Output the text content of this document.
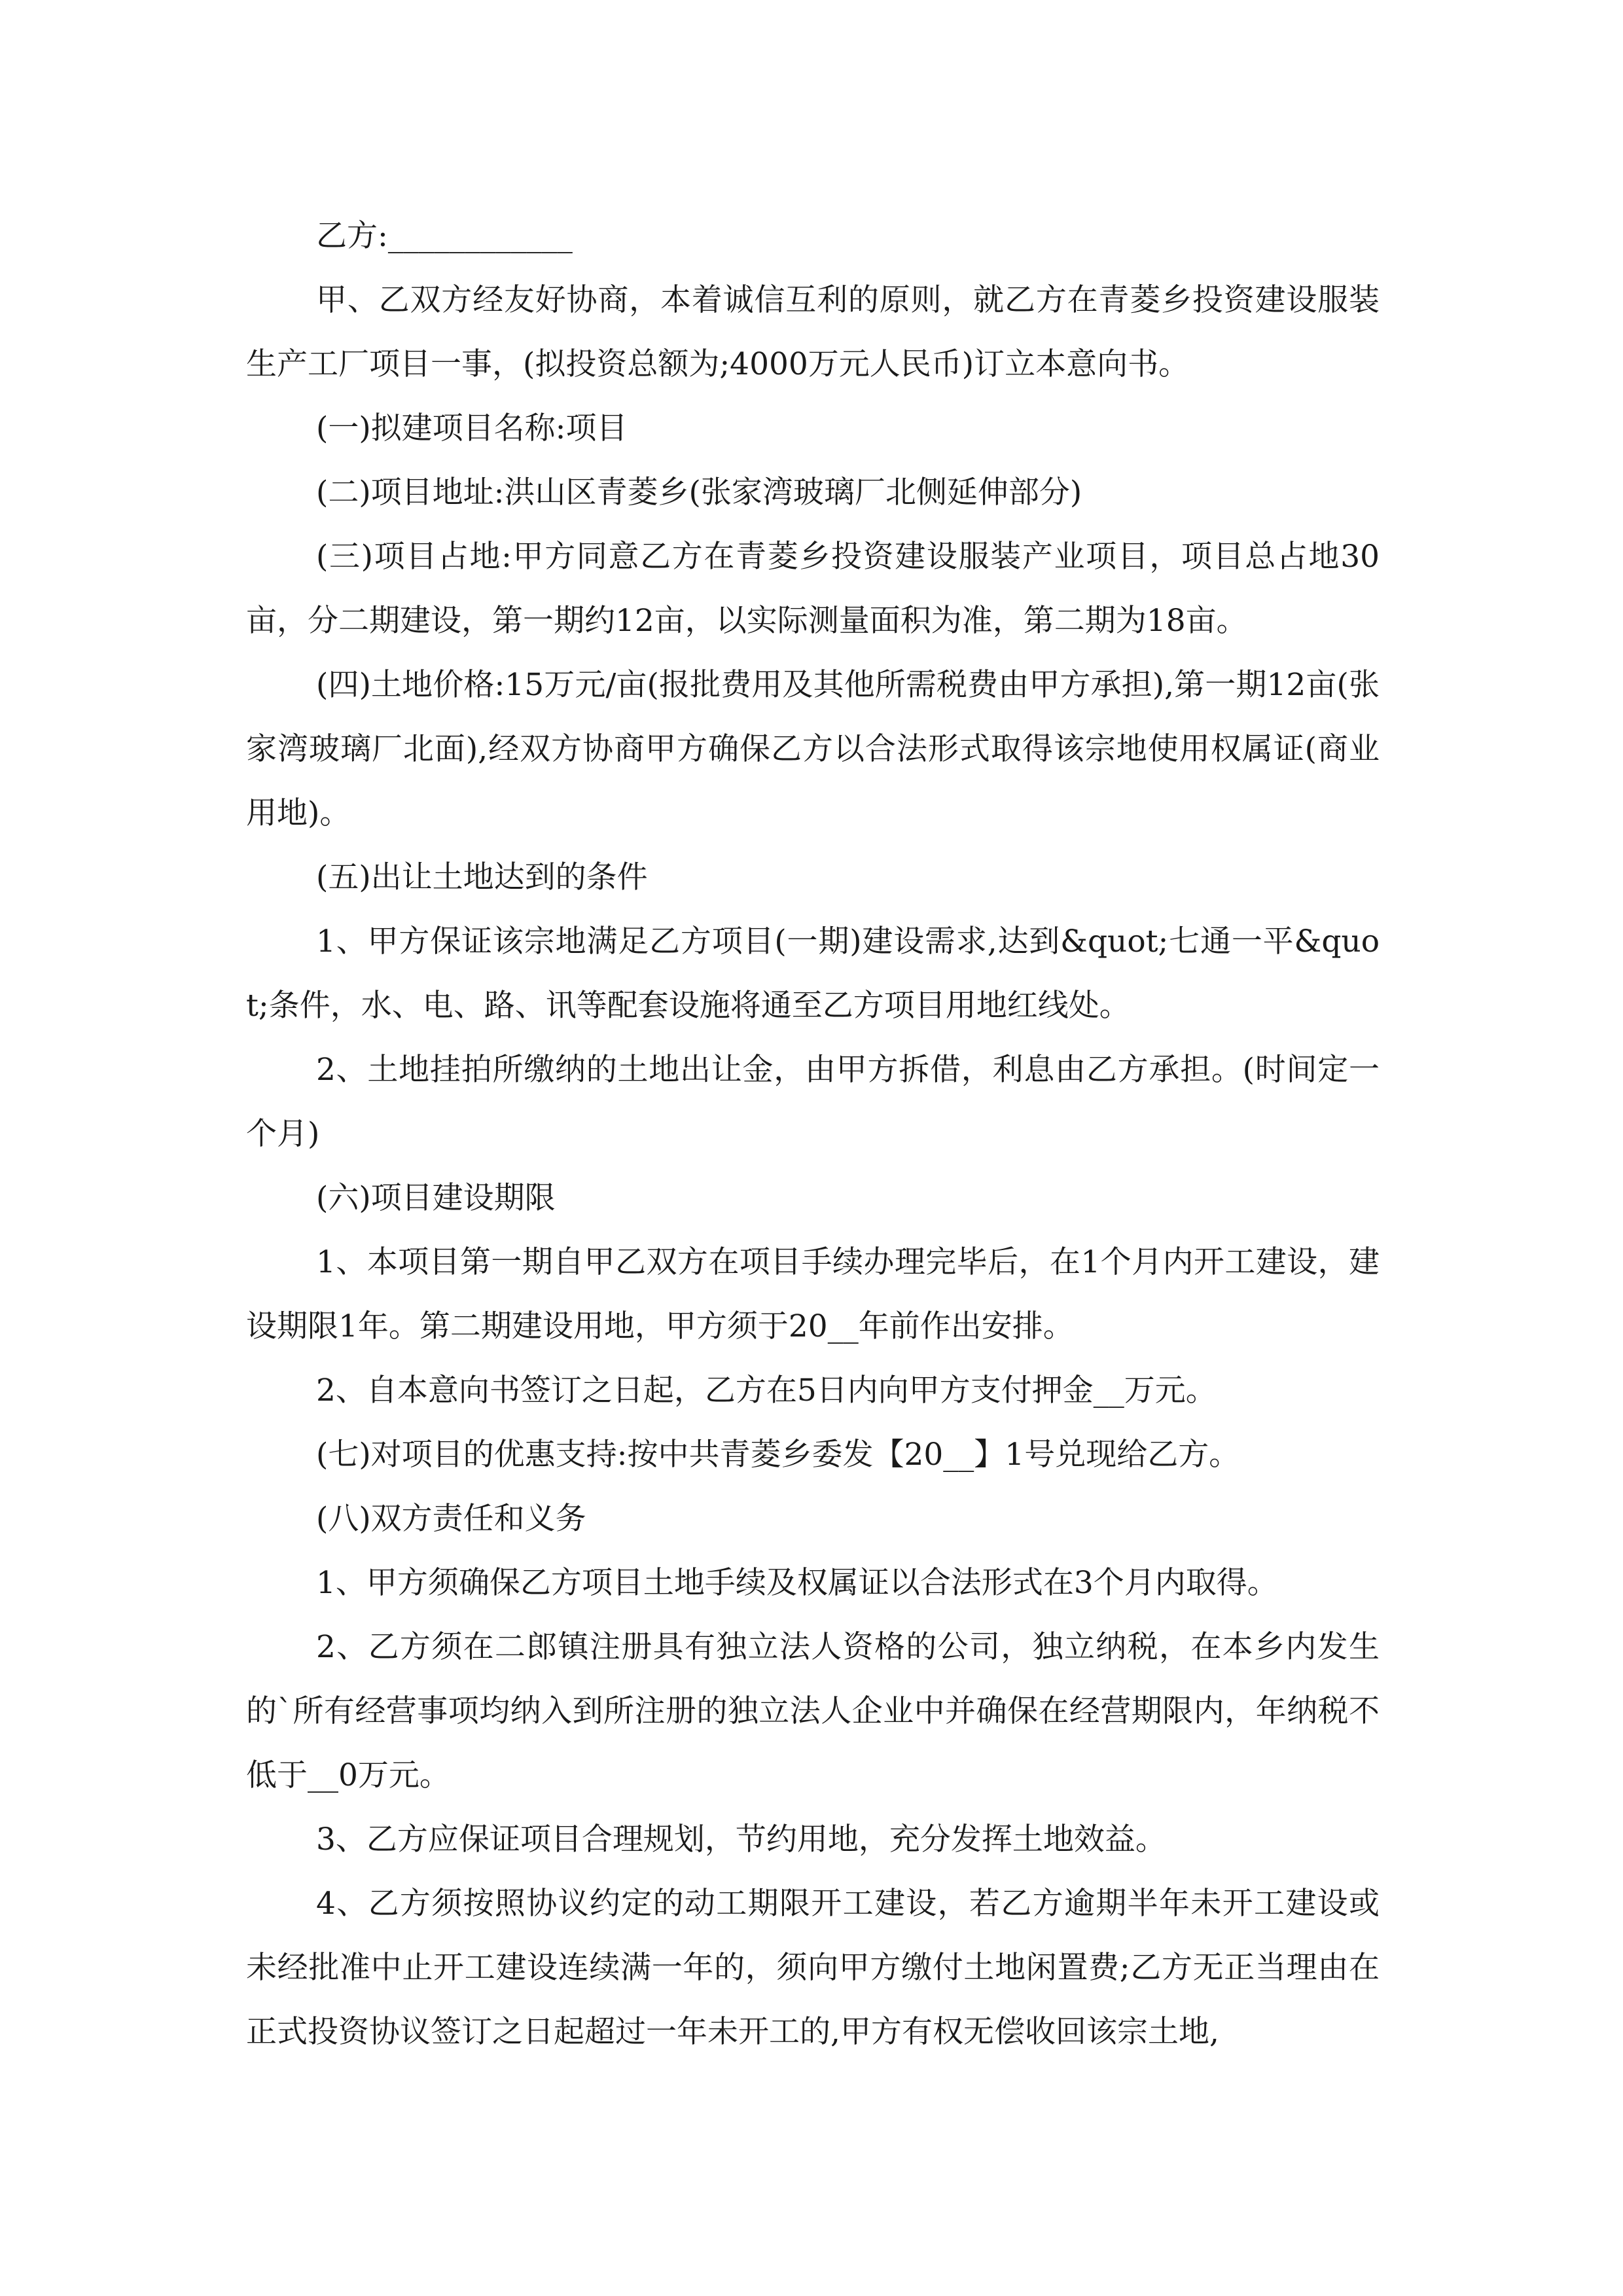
乙方:____________

甲、乙双方经友好协商，本着诚信互利的原则，就乙方在青菱乡投资建设服装生产工厂项目一事，(拟投资总额为;4000万元人民币)订立本意向书。

(一)拟建项目名称:项目

(二)项目地址:洪山区青菱乡(张家湾玻璃厂北侧延伸部分)

(三)项目占地:甲方同意乙方在青菱乡投资建设服装产业项目，项目总占地30亩，分二期建设，第一期约12亩，以实际测量面积为准，第二期为18亩。

(四)土地价格:15万元/亩(报批费用及其他所需税费由甲方承担),第一期12亩(张家湾玻璃厂北面),经双方协商甲方确保乙方以合法形式取得该宗地使用权属证(商业用地)。

(五)出让土地达到的条件

1、甲方保证该宗地满足乙方项目(一期)建设需求,达到&quot;七通一平&quot;条件，水、电、路、讯等配套设施将通至乙方项目用地红线处。

2、土地挂拍所缴纳的土地出让金，由甲方拆借，利息由乙方承担。(时间定一个月)

(六)项目建设期限

1、本项目第一期自甲乙双方在项目手续办理完毕后，在1个月内开工建设，建设期限1年。第二期建设用地，甲方须于20__年前作出安排。

2、自本意向书签订之日起，乙方在5日内向甲方支付押金__万元。

(七)对项目的优惠支持:按中共青菱乡委发【20__】1号兑现给乙方。

(八)双方责任和义务

1、甲方须确保乙方项目土地手续及权属证以合法形式在3个月内取得。

2、乙方须在二郎镇注册具有独立法人资格的公司，独立纳税，在本乡内发生的`所有经营事项均纳入到所注册的独立法人企业中并确保在经营期限内，年纳税不低于__0万元。

3、乙方应保证项目合理规划，节约用地，充分发挥土地效益。

4、乙方须按照协议约定的动工期限开工建设，若乙方逾期半年未开工建设或未经批准中止开工建设连续满一年的，须向甲方缴付土地闲置费;乙方无正当理由在正式投资协议签订之日起超过一年未开工的,甲方有权无偿收回该宗土地,
